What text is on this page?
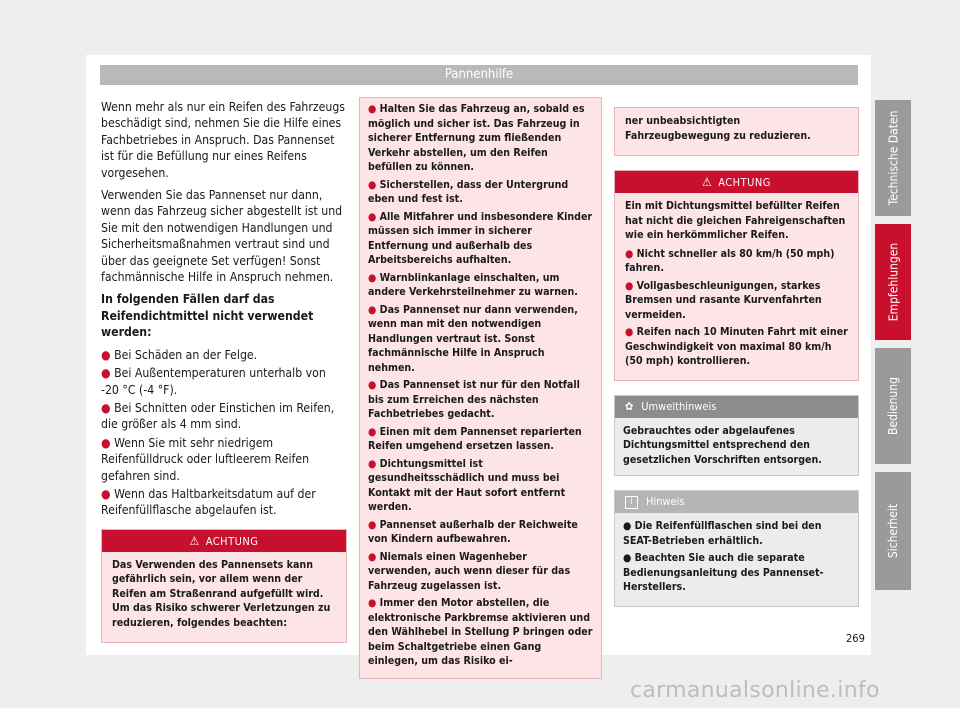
Pannenhilfe

Wenn mehr als nur ein Reifen des Fahrzeugs beschädigt sind, nehmen Sie die Hilfe eines Fachbetriebes in Anspruch. Das Pannenset ist für die Befüllung nur eines Reifens vorgesehen.

Verwenden Sie das Pannenset nur dann, wenn das Fahrzeug sicher abgestellt ist und Sie mit den notwendigen Handlungen und Sicherheitsmaßnahmen vertraut sind und über das geeignete Set verfügen! Sonst fachmännische Hilfe in Anspruch nehmen.

In folgenden Fällen darf das Reifendichtmittel nicht verwendet werden:

● Bei Schäden an der Felge.
● Bei Außentemperaturen unterhalb von -20 °C (-4 °F).
● Bei Schnitten oder Einstichen im Reifen, die größer als 4 mm sind.
● Wenn Sie mit sehr niedrigem Reifenfülldruck oder luftleerem Reifen gefahren sind.
● Wenn das Haltbarkeitsdatum auf der Reifenfüllflasche abgelaufen ist.
⚠ ACHTUNG

Das Verwenden des Pannensets kann gefährlich sein, vor allem wenn der Reifen am Straßenrand aufgefüllt wird. Um das Risiko schwerer Verletzungen zu reduzieren, folgendes beachten:

● Halten Sie das Fahrzeug an, sobald es möglich und sicher ist. Das Fahrzeug in sicherer Entfernung zum fließenden Verkehr abstellen, um den Reifen befüllen zu können.
● Sicherstellen, dass der Untergrund eben und fest ist.
● Alle Mitfahrer und insbesondere Kinder müssen sich immer in sicherer Entfernung und außerhalb des Arbeitsbereichs aufhalten.
● Warnblinkanlage einschalten, um andere Verkehrsteilnehmer zu warnen.
● Das Pannenset nur dann verwenden, wenn man mit den notwendigen Handlungen vertraut ist. Sonst fachmännische Hilfe in Anspruch nehmen.
● Das Pannenset ist nur für den Notfall bis zum Erreichen des nächsten Fachbetriebes gedacht.
● Einen mit dem Pannenset reparierten Reifen umgehend ersetzen lassen.
● Dichtungsmittel ist gesundheitsschädlich und muss bei Kontakt mit der Haut sofort entfernt werden.
● Pannenset außerhalb der Reichweite von Kindern aufbewahren.
● Niemals einen Wagenheber verwenden, auch wenn dieser für das Fahrzeug zugelassen ist.
● Immer den Motor abstellen, die elektronische Parkbremse aktivieren und den Wählhebel in Stellung P bringen oder beim Schaltgetriebe einen Gang einlegen, um das Risiko ei-

ner unbeabsichtigten Fahrzeugbewegung zu reduzieren.

⚠ ACHTUNG

Ein mit Dichtungsmittel befüllter Reifen hat nicht die gleichen Fahreigenschaften wie ein herkömmlicher Reifen.

● Nicht schneller als 80 km/h (50 mph) fahren.
● Vollgasbeschleunigungen, starkes Bremsen und rasante Kurvenfahrten vermeiden.
● Reifen nach 10 Minuten Fahrt mit einer Geschwindigkeit von maximal 80 km/h (50 mph) kontrollieren.
✿ Umwelthinweis

Gebrauchtes oder abgelaufenes Dichtungsmittel entsprechend den gesetzlichen Vorschriften entsorgen.

i Hinweis
● Die Reifenfüllflaschen sind bei den SEAT-Betrieben erhältlich.
● Beachten Sie auch die separate Bedienungsanleitung des Pannenset-Herstellers.
Technische Daten
Empfehlungen
Bedienung
Sicherheit
269
carmanualsonline.info
